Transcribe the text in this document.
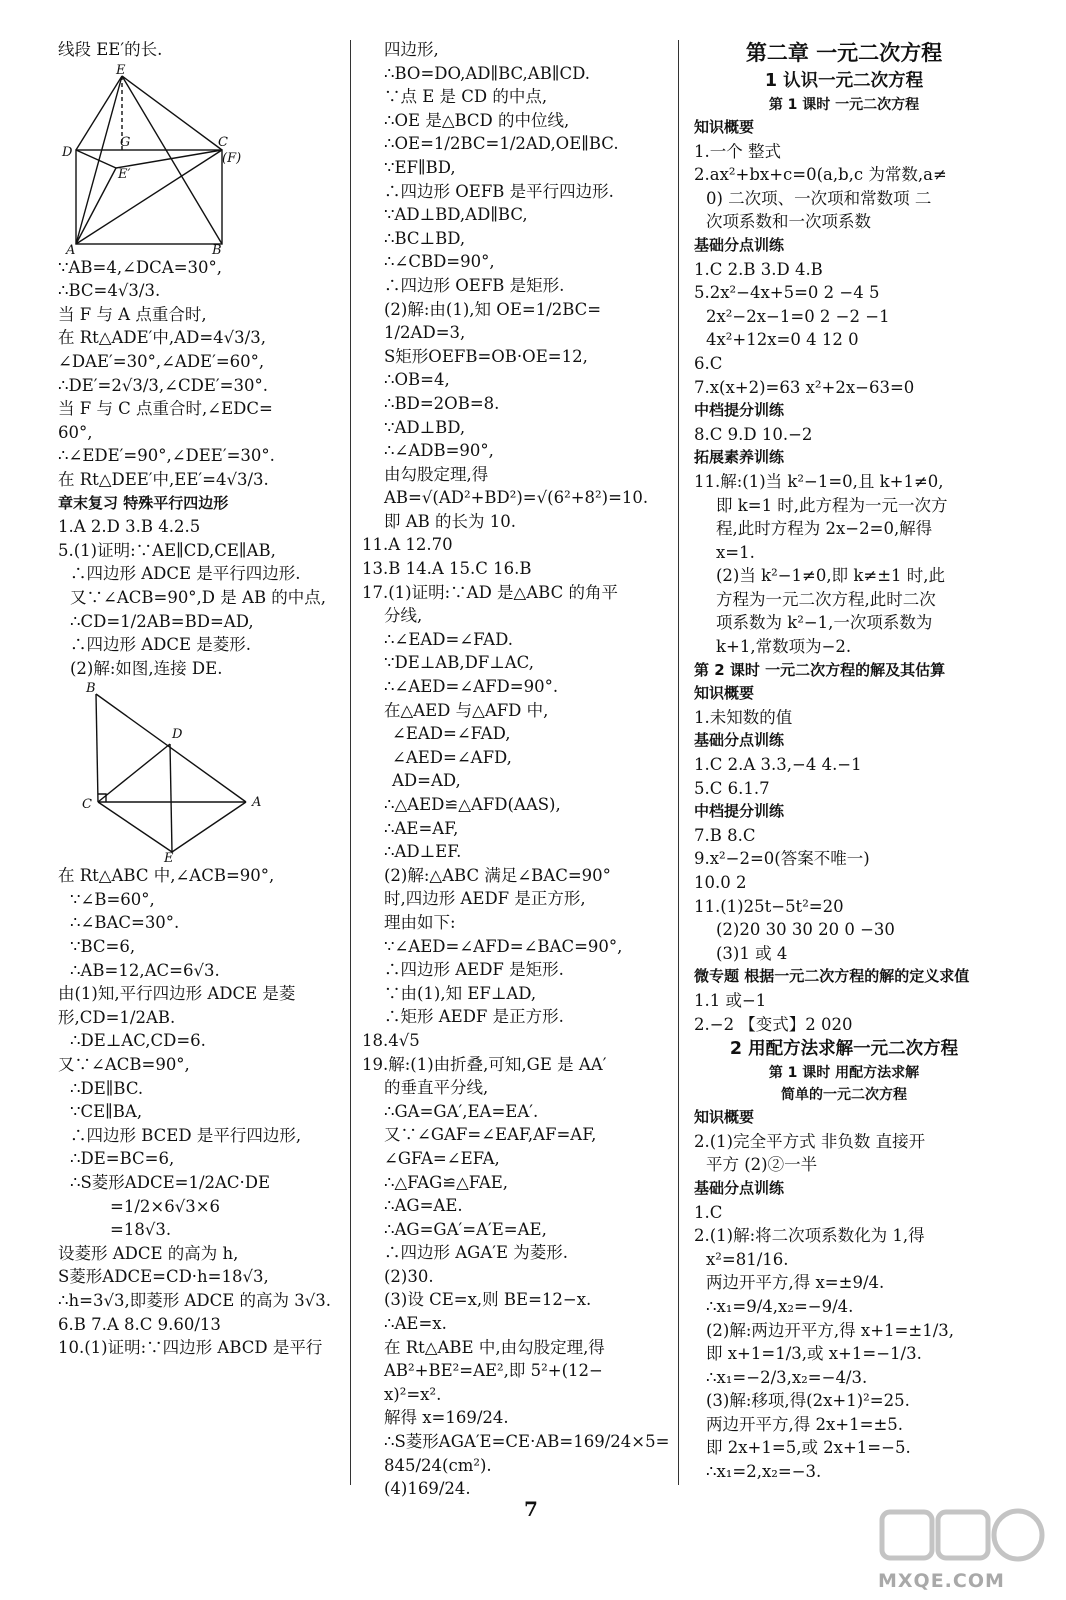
线段 EE′的长.
E
D
G	C
(F)
E′
A	B
∵AB=4,∠DCA=30°,
∴BC=4√3/3.
当 F 与 A 点重合时,
在 Rt△ADE′中,AD=4√3/3,
∠DAE′=30°,∠ADE′=60°,
∴DE′=2√3/3,∠CDE′=30°.
当 F 与 C 点重合时,∠EDC=
60°,
∴∠EDE′=90°,∠DEE′=30°.
在 Rt△DEE′中,EE′=4√3/3.
章末复习 特殊平行四边形
1.A 2.D 3.B 4.2.5
5.(1)证明:∵AE∥CD,CE∥AB,
∴四边形 ADCE 是平行四边形.
又∵∠ACB=90°,D 是 AB 的中点,
∴CD=1/2AB=BD=AD,
∴四边形 ADCE 是菱形.
(2)解:如图,连接 DE.
B
D
C	A
E
在 Rt△ABC 中,∠ACB=90°,
∵∠B=60°,
∴∠BAC=30°.
∵BC=6,
∴AB=12,AC=6√3.
由(1)知,平行四边形 ADCE 是菱
形,CD=1/2AB.
∴DE⊥AC,CD=6.
又∵∠ACB=90°,
∴DE∥BC.
∵CE∥BA,
∴四边形 BCED 是平行四边形,
∴DE=BC=6,
∴S菱形ADCE=1/2AC·DE
=1/2×6√3×6
=18√3.
设菱形 ADCE 的高为 h,
S菱形ADCE=CD·h=18√3,
∴h=3√3,即菱形 ADCE 的高为 3√3.
6.B 7.A 8.C 9.60/13
10.(1)证明:∵四边形 ABCD 是平行
四边形,
∴BO=DO,AD∥BC,AB∥CD.
∵点 E 是 CD 的中点,
∴OE 是△BCD 的中位线,
∴OE=1/2BC=1/2AD,OE∥BC.
∵EF∥BD,
∴四边形 OEFB 是平行四边形.
∵AD⊥BD,AD∥BC,
∴BC⊥BD,
∴∠CBD=90°,
∴四边形 OEFB 是矩形.
(2)解:由(1),知 OE=1/2BC=
1/2AD=3,
S矩形OEFB=OB·OE=12,
∴OB=4,
∴BD=2OB=8.
∵AD⊥BD,
∴∠ADB=90°,
由勾股定理,得
AB=√(AD²+BD²)=√(6²+8²)=10.
即 AB 的长为 10.
11.A 12.70
13.B 14.A 15.C 16.B
17.(1)证明:∵AD 是△ABC 的角平
分线,
∴∠EAD=∠FAD.
∵DE⊥AB,DF⊥AC,
∴∠AED=∠AFD=90°.
在△AED 与△AFD 中,
∠EAD=∠FAD,
∠AED=∠AFD,
AD=AD,
∴△AED≌△AFD(AAS),
∴AE=AF,
∴AD⊥EF.
(2)解:△ABC 满足∠BAC=90°
时,四边形 AEDF 是正方形,
理由如下:
∵∠AED=∠AFD=∠BAC=90°,
∴四边形 AEDF 是矩形.
∵由(1),知 EF⊥AD,
∴矩形 AEDF 是正方形.
18.4√5
19.解:(1)由折叠,可知,GE 是 AA′
的垂直平分线,
∴GA=GA′,EA=EA′.
又∵∠GAF=∠EAF,AF=AF,
∠GFA=∠EFA,
∴△FAG≌△FAE,
∴AG=AE.
∴AG=GA′=A′E=AE,
∴四边形 AGA′E 为菱形.
(2)30.
(3)设 CE=x,则 BE=12−x.
∴AE=x.
在 Rt△ABE 中,由勾股定理,得
AB²+BE²=AE²,即 5²+(12−
x)²=x².
解得 x=169/24.
∴S菱形AGA′E=CE·AB=169/24×5=
845/24(cm²).
(4)169/24.
第二章 一元二次方程
1 认识一元二次方程
第 1 课时 一元二次方程
知识概要
1.一个 整式
2.ax²+bx+c=0(a,b,c 为常数,a≠
0) 二次项、一次项和常数项 二
次项系数和一次项系数
基础分点训练
1.C 2.B 3.D 4.B
5.2x²−4x+5=0 2 −4 5
2x²−2x−1=0 2 −2 −1
4x²+12x=0 4 12 0
6.C
7.x(x+2)=63 x²+2x−63=0
中档提分训练
8.C 9.D 10.−2
拓展素养训练
11.解:(1)当 k²−1=0,且 k+1≠0,
即 k=1 时,此方程为一元一次方
程,此时方程为 2x−2=0,解得
x=1.
(2)当 k²−1≠0,即 k≠±1 时,此
方程为一元二次方程,此时二次
项系数为 k²−1,一次项系数为
k+1,常数项为−2.
第 2 课时 一元二次方程的解及其估算
知识概要
1.未知数的值
基础分点训练
1.C 2.A 3.3,−4 4.−1
5.C 6.1.7
中档提分训练
7.B 8.C
9.x²−2=0(答案不唯一)
10.0 2
11.(1)25t−5t²=20
(2)20 30 30 20 0 −30
(3)1 或 4
微专题 根据一元二次方程的解的定义求值
1.1 或−1
2.−2 【变式】2 020
2 用配方法求解一元二次方程
第 1 课时 用配方法求解
简单的一元二次方程
知识概要
2.(1)完全平方式 非负数 直接开
平方 (2)②一半
基础分点训练
1.C
2.(1)解:将二次项系数化为 1,得
x²=81/16.
两边开平方,得 x=±9/4.
∴x₁=9/4,x₂=−9/4.
(2)解:两边开平方,得 x+1=±1/3,
即 x+1=1/3,或 x+1=−1/3.
∴x₁=−2/3,x₂=−4/3.
(3)解:移项,得(2x+1)²=25.
两边开平方,得 2x+1=±5.
即 2x+1=5,或 2x+1=−5.
∴x₁=2,x₂=−3.
7
MXQE.COM
